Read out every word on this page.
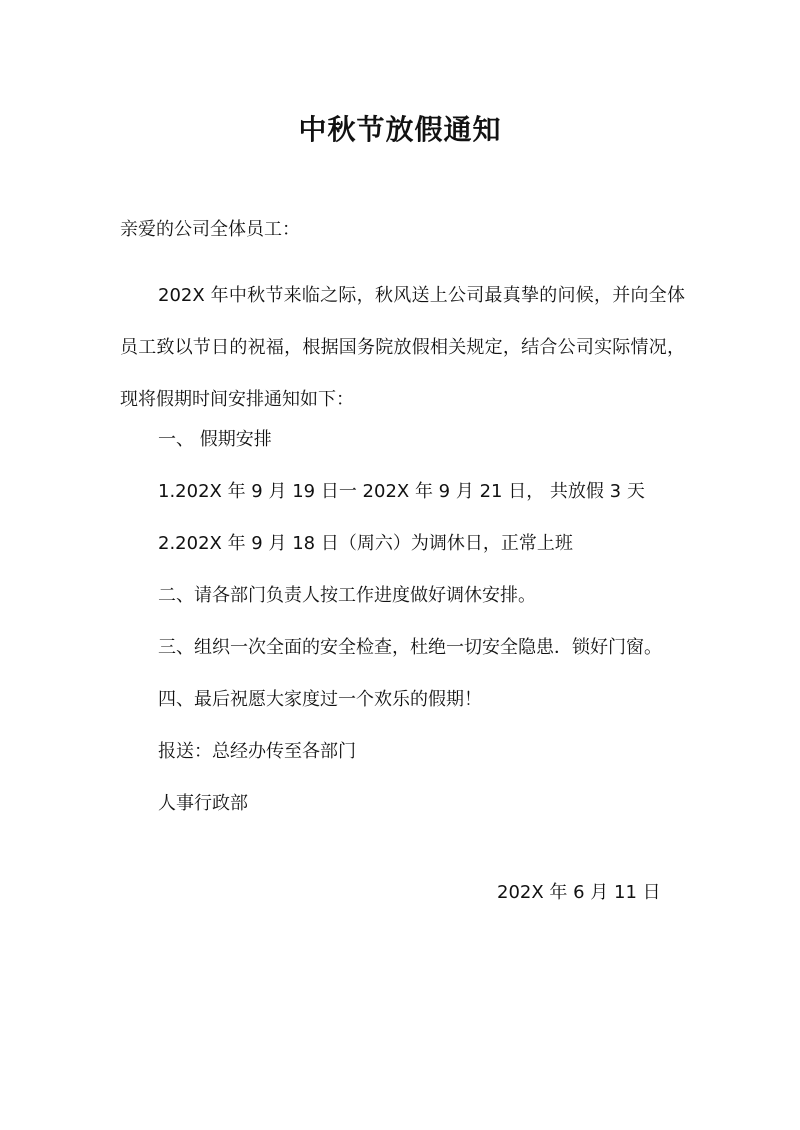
中秋节放假通知

亲爱的公司全体员工：

202X 年中秋节来临之际，秋风送上公司最真挚的问候，并向全体员工致以节日的祝福，根据国务院放假相关规定，结合公司实际情况，现将假期时间安排通知如下：

一、 假期安排

1.202X 年 9 月 19 日一 202X 年 9 月 21 日， 共放假 3 天

2.202X 年 9 月 18 日（周六）为调休日，正常上班

二、请各部门负责人按工作进度做好调休安排。

三、组织一次全面的安全检查，杜绝一切安全隐患．锁好门窗。

四、最后祝愿大家度过一个欢乐的假期！

报送：总经办传至各部门

人事行政部

202X 年 6 月 11 日
